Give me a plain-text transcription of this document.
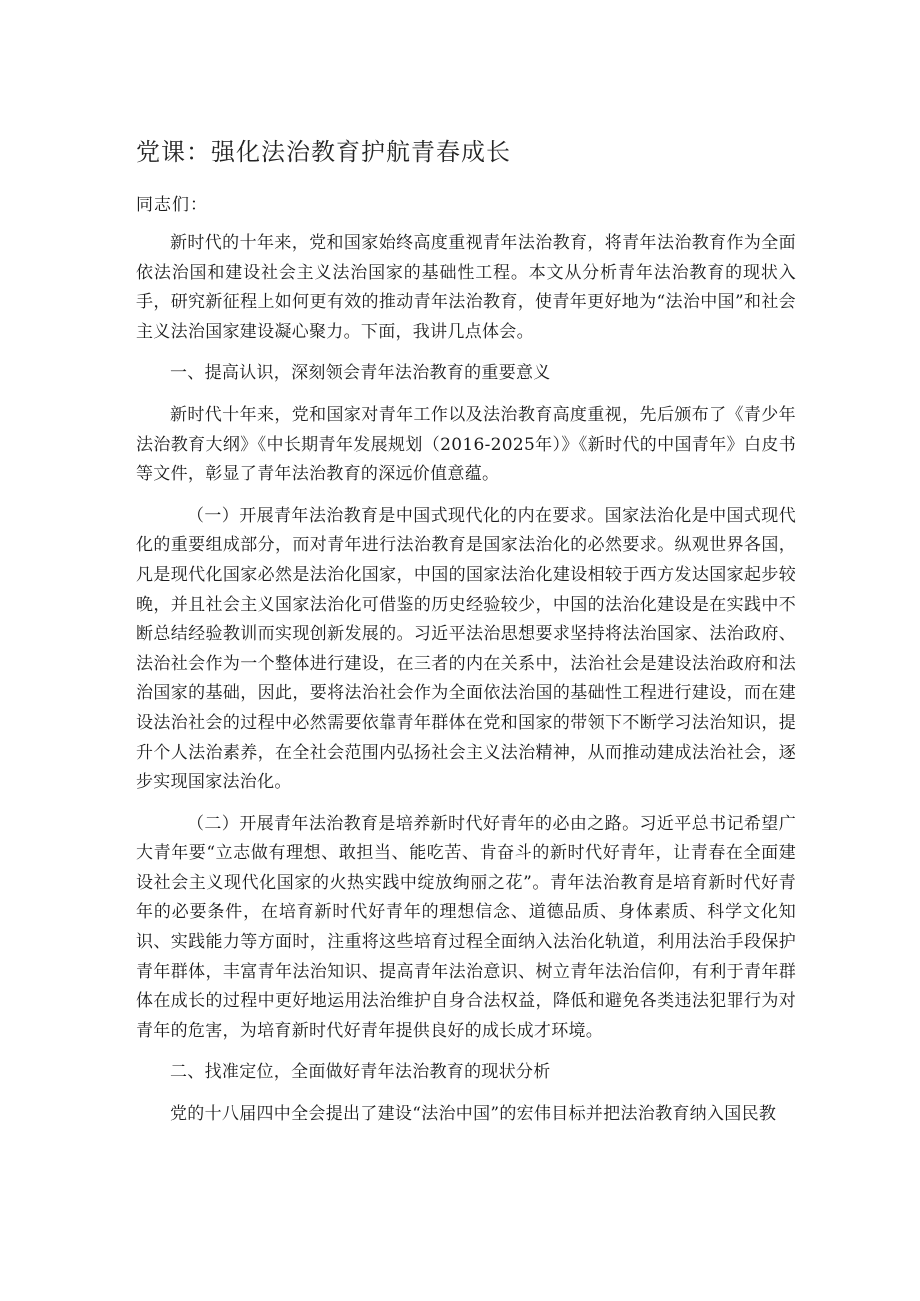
党课：强化法治教育护航青春成长
同志们：

新时代的十年来，党和国家始终高度重视青年法治教育，将青年法治教育作为全面依法治国和建设社会主义法治国家的基础性工程。本文从分析青年法治教育的现状入手，研究新征程上如何更有效的推动青年法治教育，使青年更好地为“法治中国”和社会主义法治国家建设凝心聚力。下面，我讲几点体会。

一、提高认识，深刻领会青年法治教育的重要意义

新时代十年来，党和国家对青年工作以及法治教育高度重视，先后颁布了《青少年法治教育大纲》《中长期青年发展规划（2016-2025年）》《新时代的中国青年》白皮书等文件，彰显了青年法治教育的深远价值意蕴。

（一）开展青年法治教育是中国式现代化的内在要求。国家法治化是中国式现代化的重要组成部分，而对青年进行法治教育是国家法治化的必然要求。纵观世界各国，凡是现代化国家必然是法治化国家，中国的国家法治化建设相较于西方发达国家起步较晚，并且社会主义国家法治化可借鉴的历史经验较少，中国的法治化建设是在实践中不断总结经验教训而实现创新发展的。习近平法治思想要求坚持将法治国家、法治政府、法治社会作为一个整体进行建设，在三者的内在关系中，法治社会是建设法治政府和法治国家的基础，因此，要将法治社会作为全面依法治国的基础性工程进行建设，而在建设法治社会的过程中必然需要依靠青年群体在党和国家的带领下不断学习法治知识，提升个人法治素养，在全社会范围内弘扬社会主义法治精神，从而推动建成法治社会，逐步实现国家法治化。

（二）开展青年法治教育是培养新时代好青年的必由之路。习近平总书记希望广大青年要“立志做有理想、敢担当、能吃苦、肯奋斗的新时代好青年，让青春在全面建设社会主义现代化国家的火热实践中绽放绚丽之花”。青年法治教育是培育新时代好青年的必要条件，在培育新时代好青年的理想信念、道德品质、身体素质、科学文化知识、实践能力等方面时，注重将这些培育过程全面纳入法治化轨道，利用法治手段保护青年群体，丰富青年法治知识、提高青年法治意识、树立青年法治信仰，有利于青年群体在成长的过程中更好地运用法治维护自身合法权益，降低和避免各类违法犯罪行为对青年的危害，为培育新时代好青年提供良好的成长成才环境。

二、找准定位，全面做好青年法治教育的现状分析

党的十八届四中全会提出了建设“法治中国”的宏伟目标并把法治教育纳入国民教
